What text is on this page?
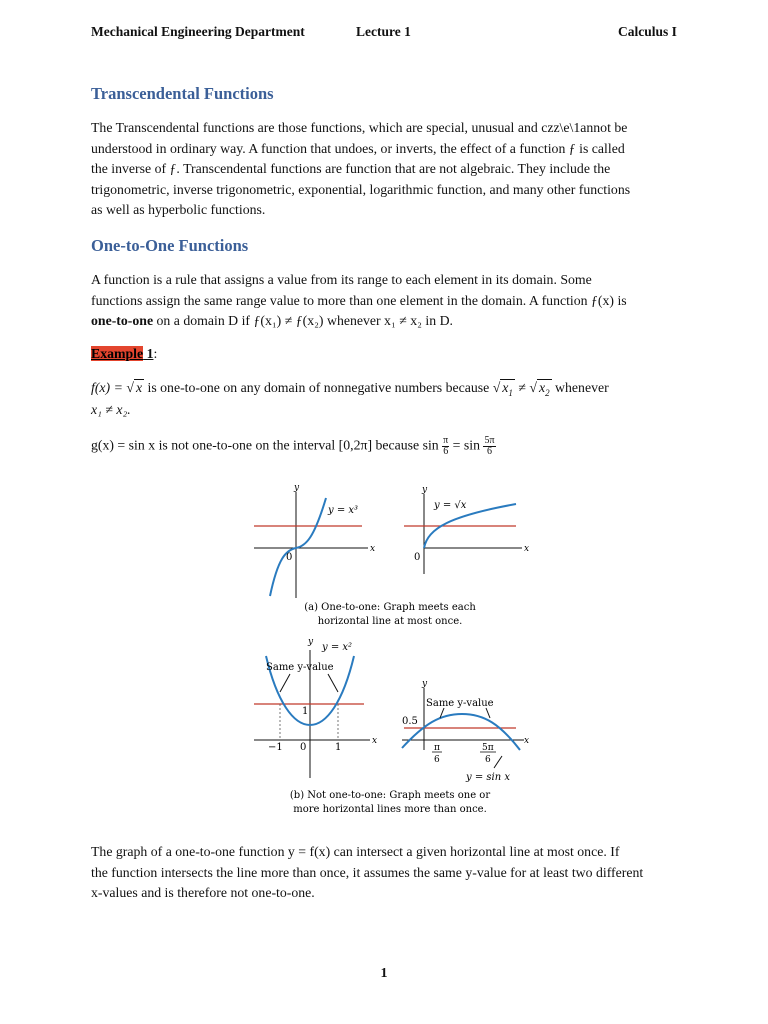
Mechanical Engineering Department	Lecture 1	Calculus I
Transcendental Functions
The Transcendental functions are those functions, which are special, unusual and czz\e\1annot be
understood in ordinary way. A function that undoes, or inverts, the effect of a function ƒ is called
the inverse of ƒ. Transcendental functions are function that are not algebraic. They include the
trigonometric, inverse trigonometric, exponential, logarithmic function, and many other functions
as well as hyperbolic functions.
One-to-One Functions
A function is a rule that assigns a value from its range to each element in its domain. Some
functions assign the same range value to more than one element in the domain. A function ƒ(x) is
one-to-one on a domain D if ƒ(x₁) ≠ ƒ(x₂) whenever x₁ ≠ x₂ in D.
Example 1:
f(x) = √ x is one-to-one on any domain of nonnegative numbers because √ $x_1$ ≠ √ $x_2$ whenever
x₁ ≠ x₂.
g(x) = sin x is not one-to-one on the interval [0,2π] because $\sin \frac{\pi}{6} = \sin \frac{5\pi}{6}$
y
x
y = x³
0
y
x
y = √x
0
(a) One-to-one: Graph meets each
horizontal line at most once.
y
x
y = x²
Same y-value
−1 0	1
1
y
x
Same y-value
0.5
π
6
5π
6
y = sin x
(b) Not one-to-one: Graph meets one or
more horizontal lines more than once.
The graph of a one-to-one function y = f(x) can intersect a given horizontal line at most once. If
the function intersects the line more than once, it assumes the same y-value for at least two different
x-values and is therefore not one-to-one.
1
